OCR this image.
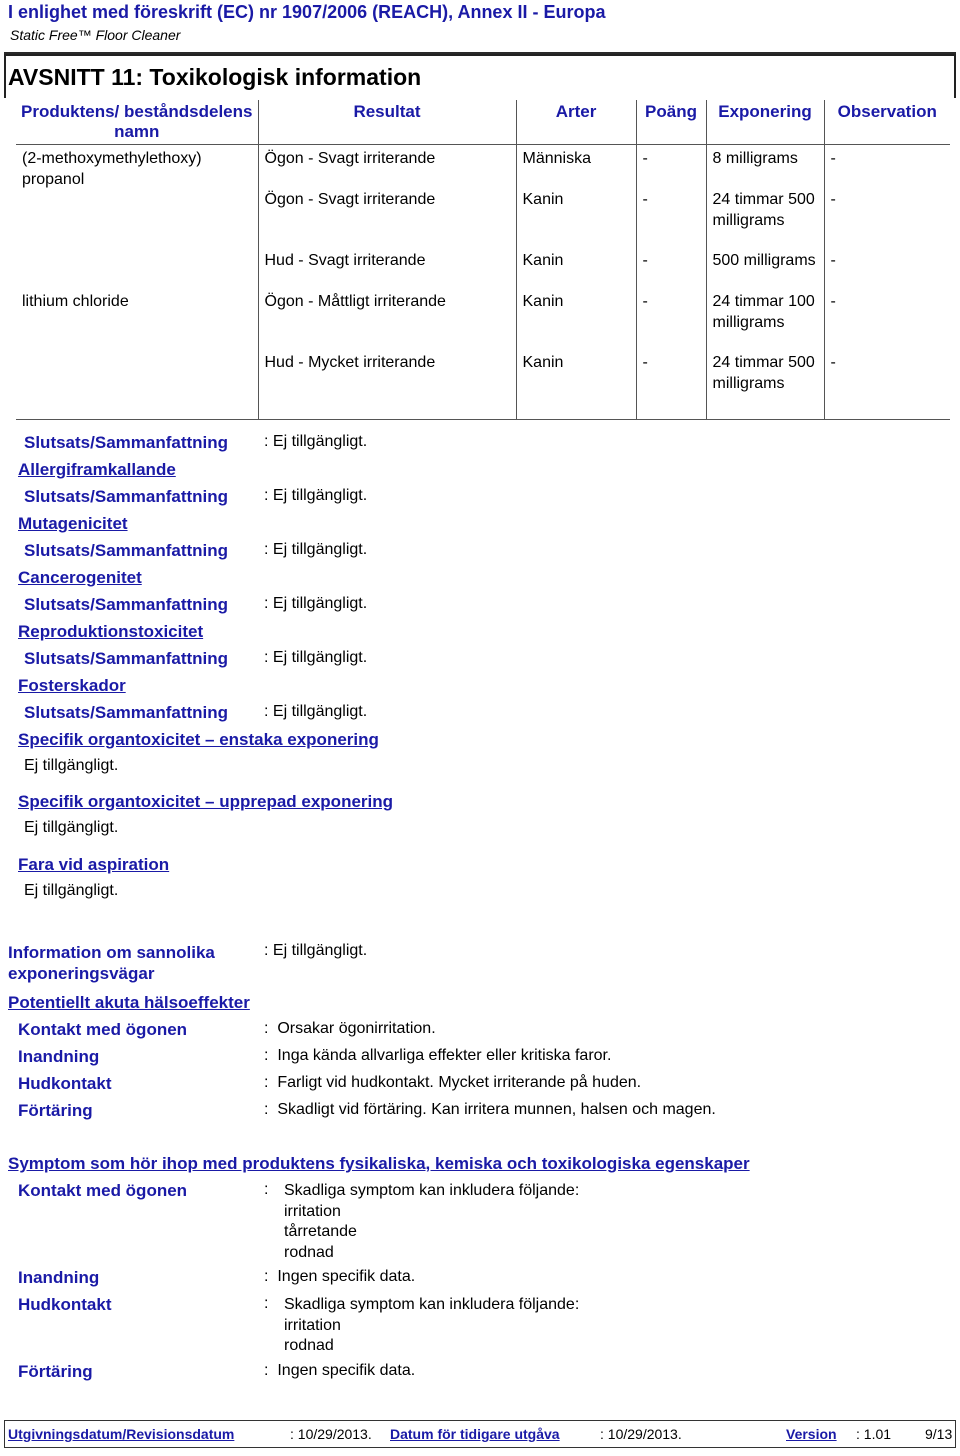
I enlighet med föreskrift (EC) nr 1907/2006 (REACH), Annex II - Europa
Static Free™ Floor Cleaner
AVSNITT 11: Toxikologisk information
Produktens/ beståndsdelens namn	Resultat	Arter	Poäng	Exponering	Observation
(2-methoxymethylethoxy) propanol	Ögon - Svagt irriterande	Människa	-	8 milligrams	-
	Ögon - Svagt irriterande	Kanin	-	24 timmar 500 milligrams	-
	Hud - Svagt irriterande	Kanin	-	500 milligrams	-
lithium chloride	Ögon - Måttligt irriterande	Kanin	-	24 timmar 100 milligrams	-
	Hud - Mycket irriterande	Kanin	-	24 timmar 500 milligrams	-
Slutsats/Sammanfattning : Ej tillgängligt.
Allergiframkallande
Slutsats/Sammanfattning : Ej tillgängligt.
Mutagenicitet
Slutsats/Sammanfattning : Ej tillgängligt.
Cancerogenitet
Slutsats/Sammanfattning : Ej tillgängligt.
Reproduktionstoxicitet
Slutsats/Sammanfattning : Ej tillgängligt.
Fosterskador
Slutsats/Sammanfattning : Ej tillgängligt.
Specifik organtoxicitet – enstaka exponering
Ej tillgängligt.
Specifik organtoxicitet – upprepad exponering
Ej tillgängligt.
Fara vid aspiration
Ej tillgängligt.
Information om sannolika exponeringsvägar
: Ej tillgängligt.
Potentiellt akuta hälsoeffekter
Kontakt med ögonen	:  Orsakar ögonirritation.
Inandning	:  Inga kända allvarliga effekter eller kritiska faror.
Hudkontakt	:  Farligt vid hudkontakt. Mycket irriterande på huden.
Förtäring	:  Skadligt vid förtäring. Kan irritera munnen, halsen och magen.
Symptom som hör ihop med produktens fysikaliska, kemiska och toxikologiska egenskaper
Kontakt med ögonen	: Skadliga symptom kan inkludera följande:
irritation
tårretande
rodnad
Inandning	:  Ingen specifik data.
Hudkontakt	: Skadliga symptom kan inkludera följande:
irritation
rodnad
Förtäring	:  Ingen specifik data.
Utgivningsdatum/Revisionsdatum	: 10/29/2013. Datum för tidigare utgåva	: 10/29/2013.	Version : 1.01 9/13
